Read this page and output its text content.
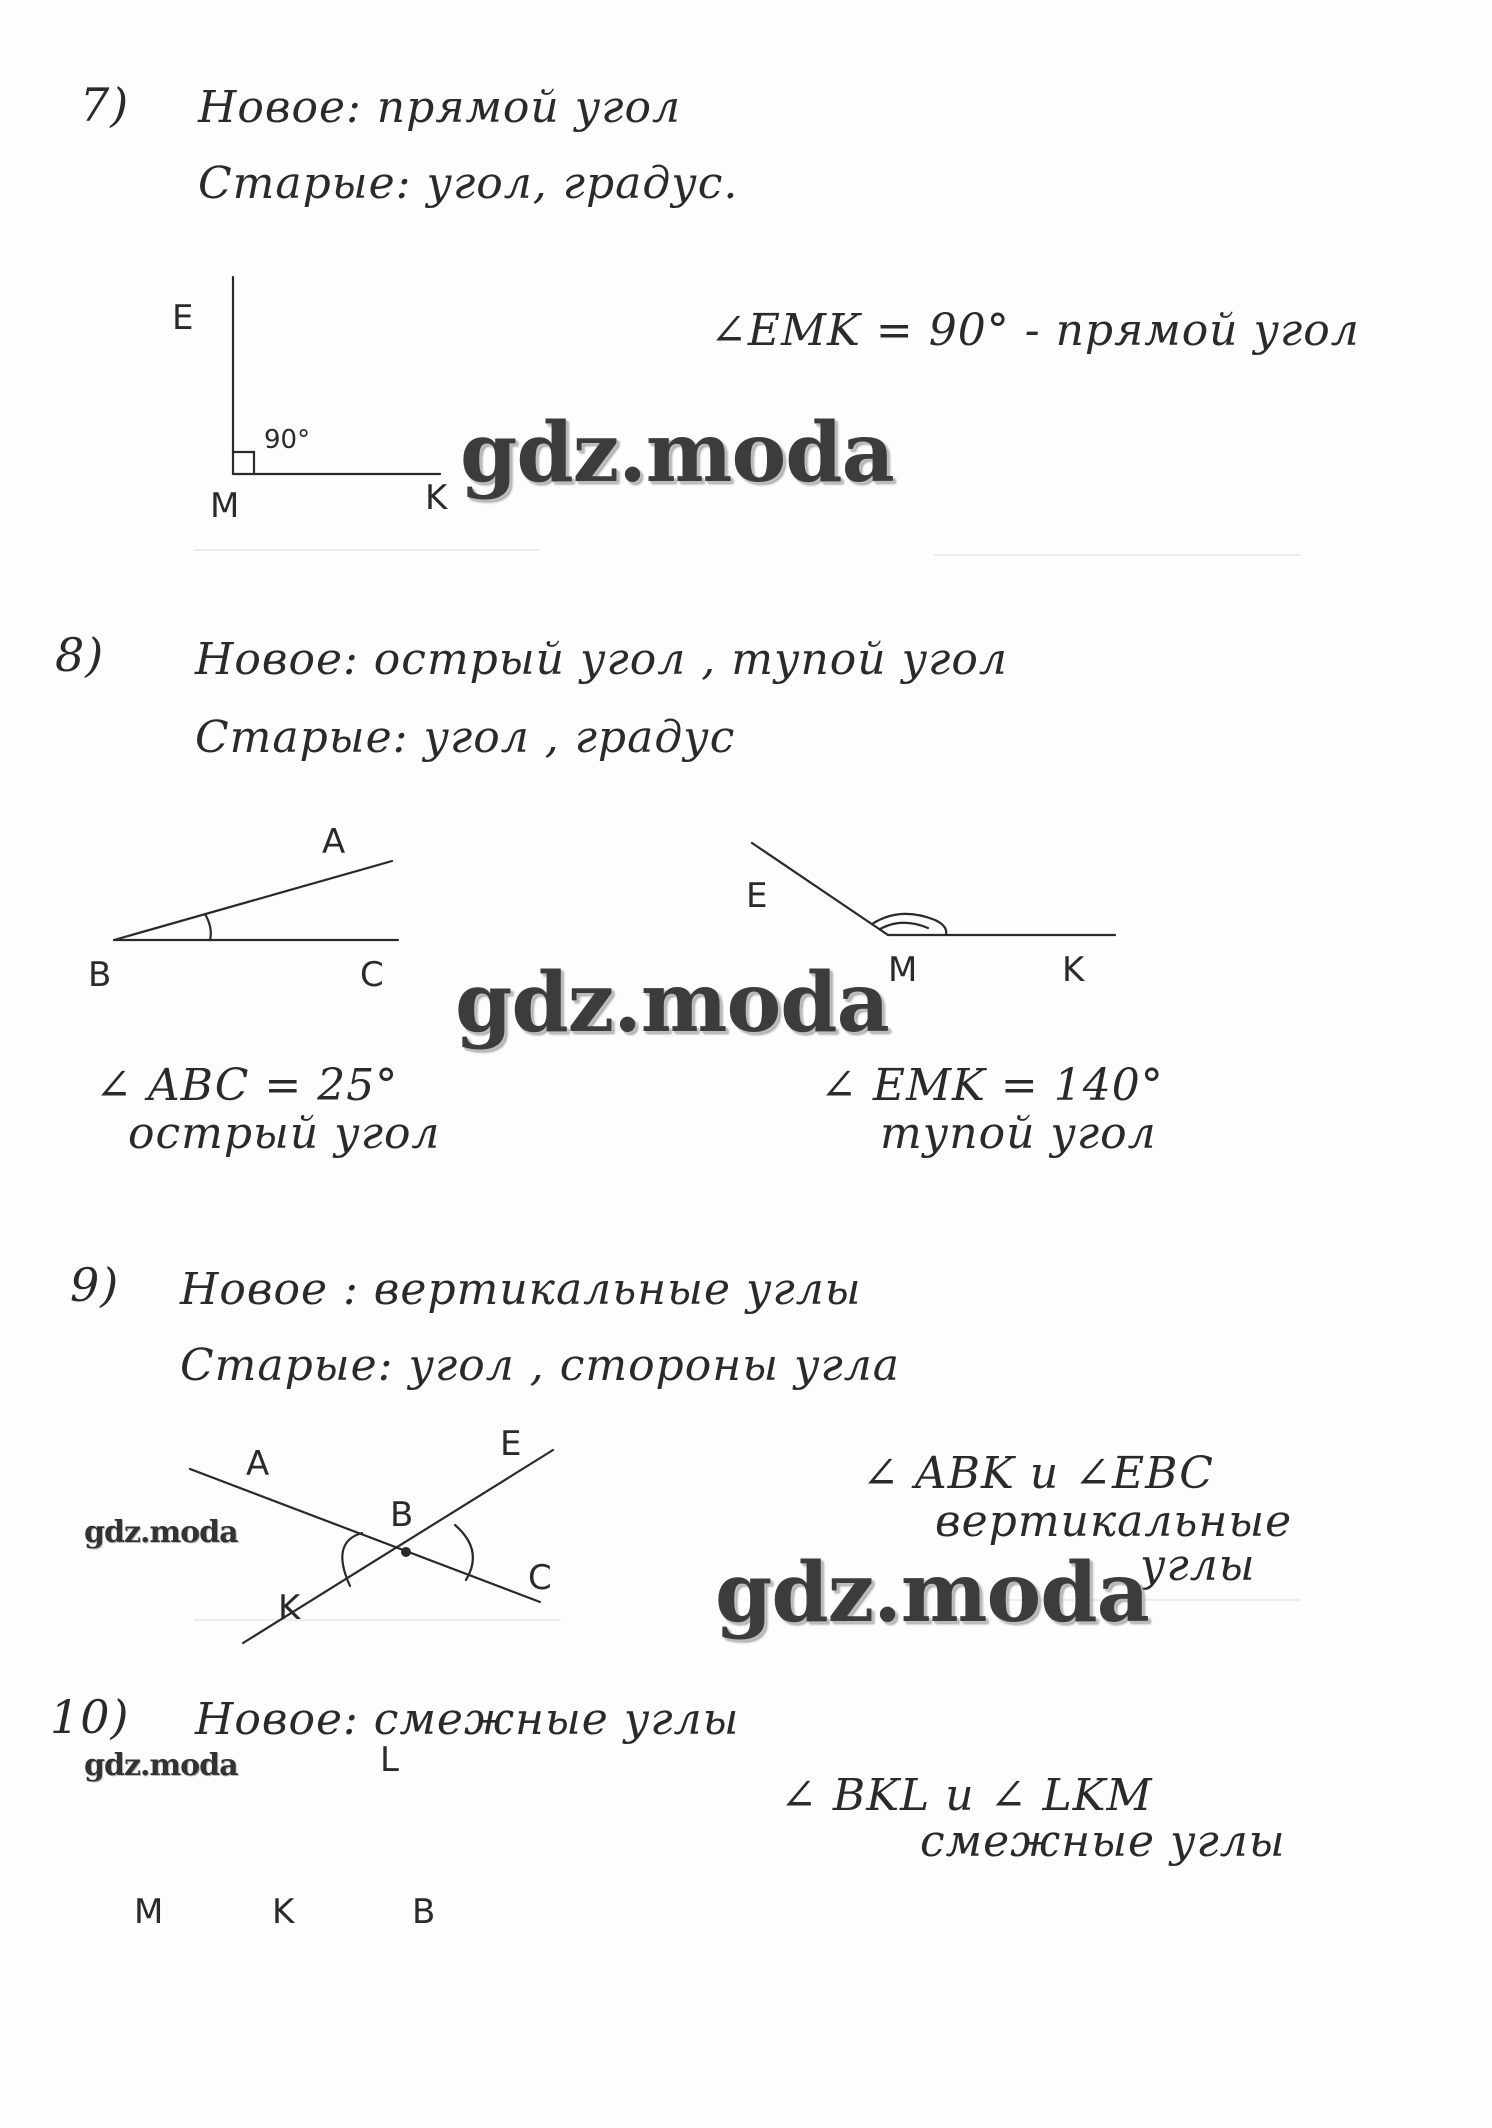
7) Новое: прямой угол
Старые: угол, градус.
E
90°
M	K
∠EMK = 90° - прямой угол
8) Новое: острый угол , тупой угол
Старые: угол , градус
A
B	C
E
M	K
∠ ABC = 25°
острый угол
∠ EMK = 140°
тупой угол
9) Новое : вертикальные углы
Старые: угол , стороны угла
A	E
B
C
K
∠ ABK и ∠EBC
вертикальные
углы
10) Новое: смежные углы
L
M	K	B
∠ BKL и ∠ LKM
смежные углы
gdz.moda
gdz.moda
gdz.moda
gdz.moda
gdz.moda
